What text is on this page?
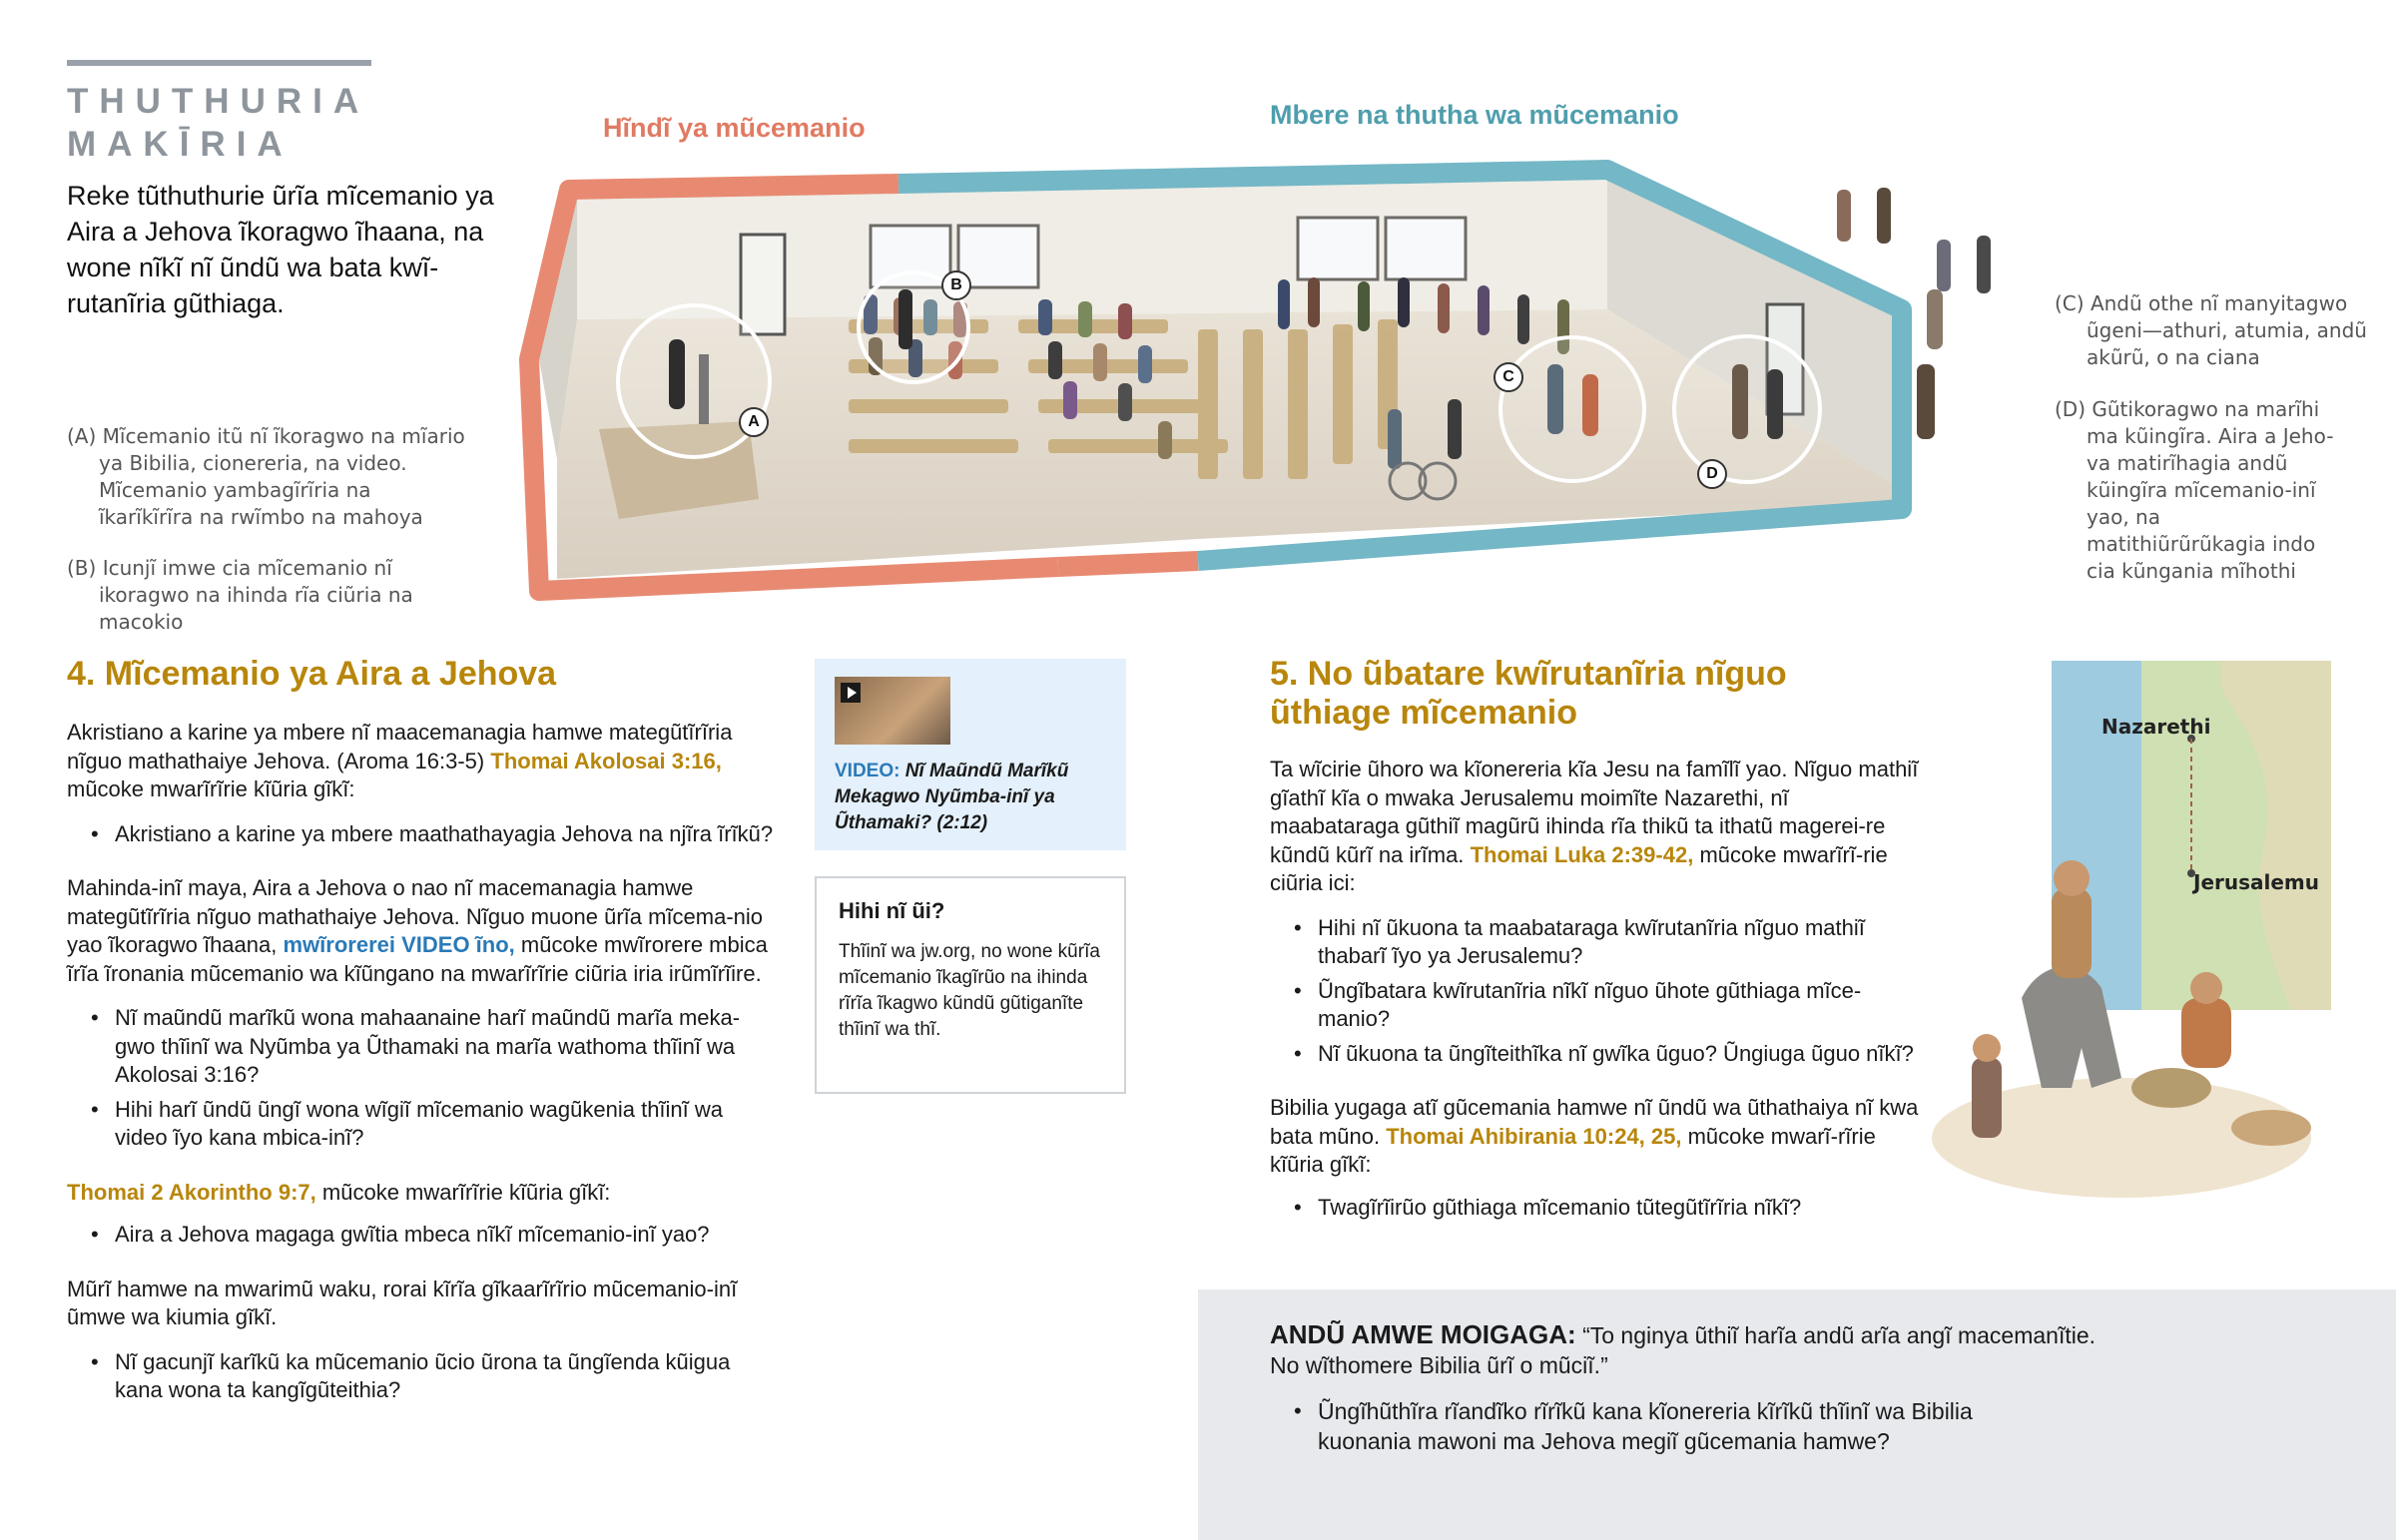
THUTHURIA
MAKĪRIA
Reke tũthuthurie ũrĩa mĩcemanio ya Aira a Jehova ĩkoragwo ĩhaana, na wone nĩkĩ nĩ ũndũ wa bata kwĩ-rutanĩria gũthiaga.
(A) Mĩcemanio itũ nĩ ĩkoragwo na mĩario ya Bibilia, cionereria, na video. Mĩcemanio yambagĩrĩria na ĩkarĩkĩrĩra na rwĩmbo na mahoya
(B) Icunjĩ imwe cia mĩcemanio nĩ ikoragwo na ihinda rĩa ciũria na macokio
Hĩndĩ ya mũcemanio	Mbere na thutha wa mũcemanio
A
B
C
D
(C) Andũ othe nĩ manyitagwo ũgeni—athuri, atumia, andũ akũrũ, o na ciana
(D) Gũtikoragwo na marĩhi ma kũingĩra. Aira a Jeho-va matirĩhagia andũ kũingĩra mĩcemanio-inĩ yao, na matithiũrũrũkagia indo cia kũngania mĩhothi
4. Mĩcemanio ya Aira a Jehova
Akristiano a karine ya mbere nĩ maacemanagia hamwe mategũtĩrĩria nĩguo mathathaiye Jehova. (Aroma 16:3-5) Thomai Akolosai 3:16, mũcoke mwarĩrĩrie kĩũria gĩkĩ:
• Akristiano a karine ya mbere maathathayagia Jehova na njĩra ĩrĩkũ?
Mahinda-inĩ maya, Aira a Jehova o nao nĩ macemanagia hamwe mategũtĩrĩria nĩguo mathathaiye Jehova. Nĩguo muone ũrĩa mĩcema-nio yao ĩkoragwo ĩhaana, mwĩrorerei VIDEO ĩno, mũcoke mwĩrorere mbica ĩrĩa ĩronania mũcemanio wa kĩũngano na mwarĩrĩrie ciũria iria irũmĩrĩire.
• Nĩ maũndũ marĩkũ wona mahaanaine harĩ maũndũ marĩa meka-gwo thĩinĩ wa Nyũmba ya Ũthamaki na marĩa wathoma thĩinĩ wa Akolosai 3:16?
• Hihi harĩ ũndũ ũngĩ wona wĩgiĩ mĩcemanio wagũkenia thĩinĩ wa video ĩyo kana mbica-inĩ?
Thomai 2 Akorintho 9:7, mũcoke mwarĩrĩrie kĩũria gĩkĩ:
• Aira a Jehova magaga gwĩtia mbeca nĩkĩ mĩcemanio-inĩ yao?
Mũrĩ hamwe na mwarimũ waku, rorai kĩrĩa gĩkaarĩrĩrio mũcemanio-inĩ ũmwe wa kiumia gĩkĩ.
• Nĩ gacunjĩ karĩkũ ka mũcemanio ũcio ũrona ta ũngĩenda kũigua kana wona ta kangĩgũteithia?
VIDEO: Nĩ Maũndũ Marĩkũ Mekagwo Nyũmba-inĩ ya Ũthamaki? (2:12)
Hihi nĩ ũi?
Thĩinĩ wa jw.org, no wone kũrĩa mĩcemanio ĩkagĩrũo na ihinda rĩrĩa ĩkagwo kũndũ gũtiganĩte thĩinĩ wa thĩ.
5. No ũbatare kwĩrutanĩria nĩguo
ũthiage mĩcemanio
Ta wĩcirie ũhoro wa kĩonereria kĩa Jesu na famĩlĩ yao. Nĩguo mathiĩ gĩathĩ kĩa o mwaka Jerusalemu moimĩte Nazarethi, nĩ maabataraga gũthiĩ magũrũ ihinda rĩa thikũ ta ithatũ magerei-re kũndũ kũrĩ na irĩma. Thomai Luka 2:39-42, mũcoke mwarĩrĩ-rie ciũria ici:
• Hihi nĩ ũkuona ta maabataraga kwĩrutanĩria nĩguo mathiĩ thabarĩ ĩyo ya Jerusalemu?
• Ũngĩbatara kwĩrutanĩria nĩkĩ nĩguo ũhote gũthiaga mĩce-manio?
• Nĩ ũkuona ta ũngĩteithĩka nĩ gwĩka ũguo? Ũngiuga ũguo nĩkĩ?
Bibilia yugaga atĩ gũcemania hamwe nĩ ũndũ wa ũthathaiya nĩ kwa bata mũno. Thomai Ahibirania 10:24, 25, mũcoke mwarĩ-rĩrie kĩũria gĩkĩ:
• Twagĩrĩirũo gũthiaga mĩcemanio tũtegũtĩrĩria nĩkĩ?
Nazarethi
Jerusalemu
ANDŨ AMWE MOIGAGA: “To nginya ũthiĩ harĩa andũ arĩa angĩ macemanĩtie.
No wĩthomere Bibilia ũrĩ o mũciĩ.”
• Ũngĩhũthĩra rĩandĩko rĩrĩkũ kana kĩonereria kĩrĩkũ thĩinĩ wa Bibilia kuonania mawoni ma Jehova megiĩ gũcemania hamwe?
